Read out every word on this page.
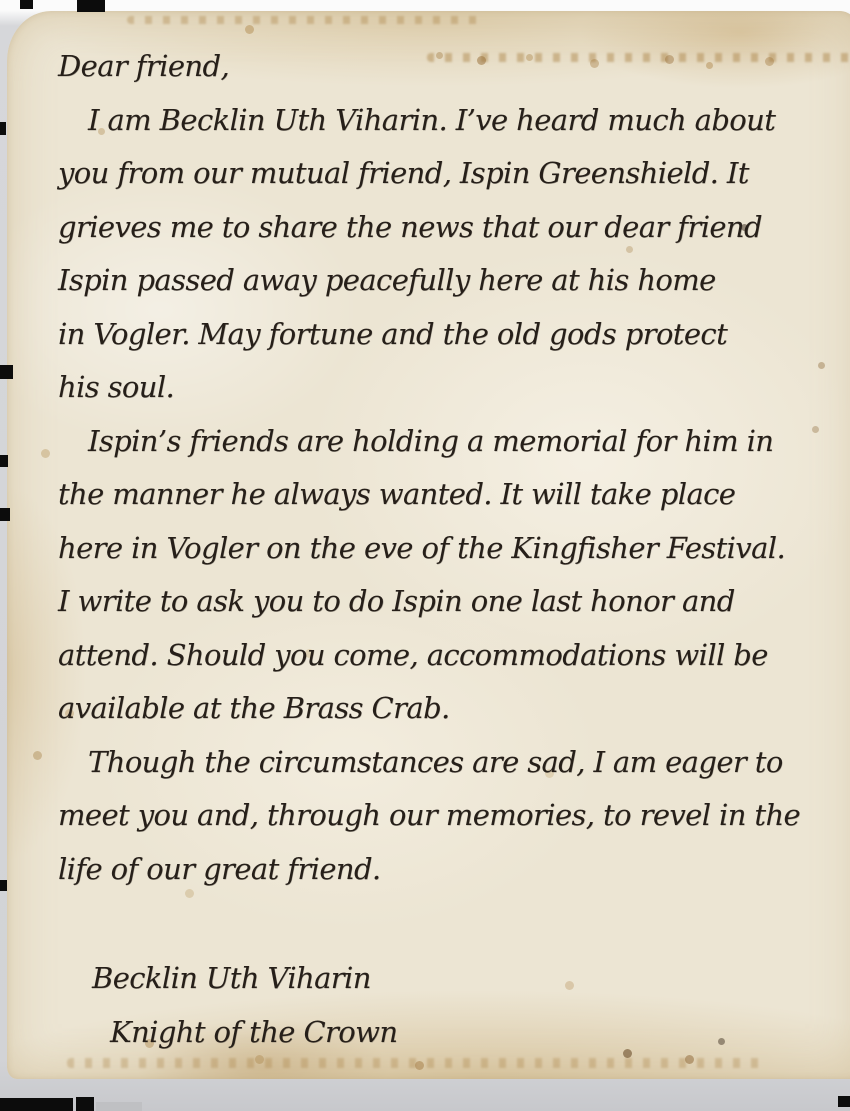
Dear friend,
I am Becklin Uth Viharin. I’ve heard much about
you from our mutual friend, Ispin Greenshield. It
grieves me to share the news that our dear friend
Ispin passed away peacefully here at his home
in Vogler. May fortune and the old gods protect
his soul.
Ispin’s friends are holding a memorial for him in
the manner he always wanted. It will take place
here in Vogler on the eve of the Kingfisher Festival.
I write to ask you to do Ispin one last honor and
attend. Should you come, accommodations will be
available at the Brass Crab.
Though the circumstances are sad, I am eager to
meet you and, through our memories, to revel in the
life of our great friend.
Becklin Uth Viharin
Knight of the Crown
